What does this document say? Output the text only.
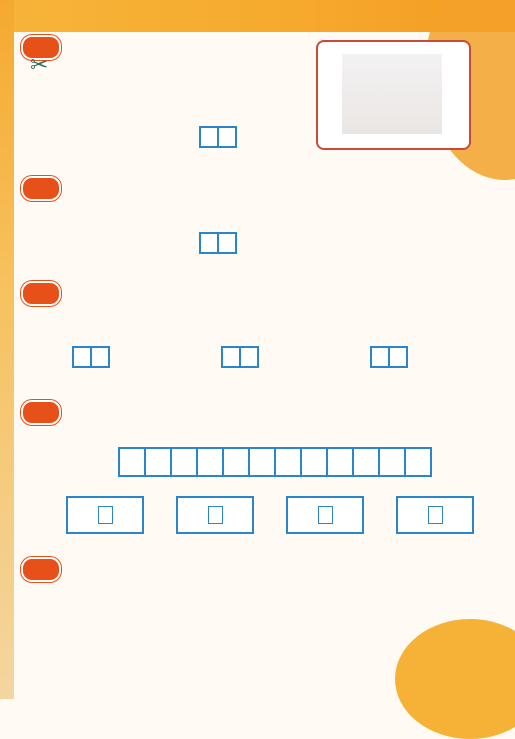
✂
